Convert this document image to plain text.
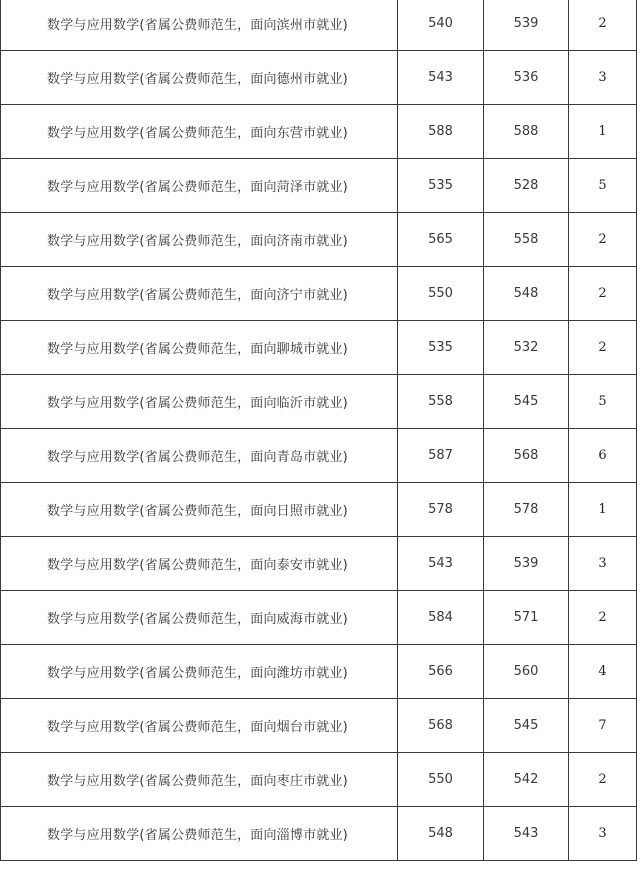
数学与应用数学(省属公费师范生，面向滨州市就业)	540	539	2
数学与应用数学(省属公费师范生，面向德州市就业)	543	536	3
数学与应用数学(省属公费师范生，面向东营市就业)	588	588	1
数学与应用数学(省属公费师范生，面向菏泽市就业)	535	528	5
数学与应用数学(省属公费师范生，面向济南市就业)	565	558	2
数学与应用数学(省属公费师范生，面向济宁市就业)	550	548	2
数学与应用数学(省属公费师范生，面向聊城市就业)	535	532	2
数学与应用数学(省属公费师范生，面向临沂市就业)	558	545	5
数学与应用数学(省属公费师范生，面向青岛市就业)	587	568	6
数学与应用数学(省属公费师范生，面向日照市就业)	578	578	1
数学与应用数学(省属公费师范生，面向泰安市就业)	543	539	3
数学与应用数学(省属公费师范生，面向威海市就业)	584	571	2
数学与应用数学(省属公费师范生，面向潍坊市就业)	566	560	4
数学与应用数学(省属公费师范生，面向烟台市就业)	568	545	7
数学与应用数学(省属公费师范生，面向枣庄市就业)	550	542	2
数学与应用数学(省属公费师范生，面向淄博市就业)	548	543	3
